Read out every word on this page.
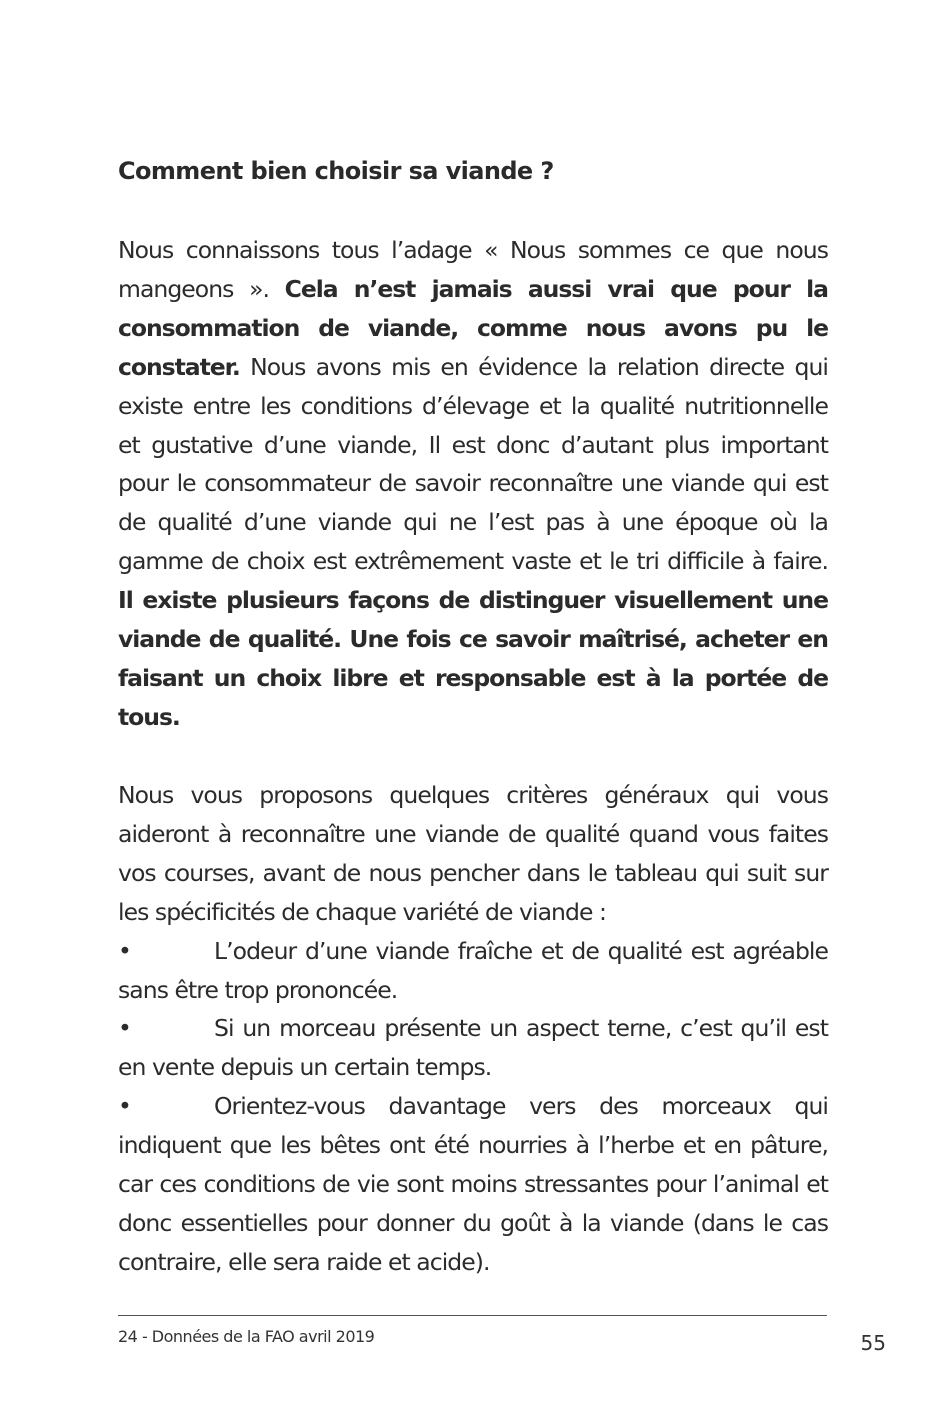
Comment bien choisir sa viande ?

Nous connaissons tous l’adage « Nous sommes ce que nous mangeons ». Cela n’est jamais aussi vrai que pour la consommation de viande, comme nous avons pu le constater. Nous avons mis en évidence la relation directe qui existe entre les conditions d’élevage et la qualité nutritionnelle et gustative d’une viande, Il est donc d’autant plus important pour le consommateur de savoir reconnaître une viande qui est de qualité d’une viande qui ne l’est pas à une époque où la gamme de choix est extrêmement vaste et le tri difficile à faire. Il existe plusieurs façons de distinguer visuellement une viande de qualité. Une fois ce savoir maîtrisé, acheter en faisant un choix libre et responsable est à la portée de tous.

Nous vous proposons quelques critères généraux qui vous aideront à reconnaître une viande de qualité quand vous faites vos courses, avant de nous pencher dans le tableau qui suit sur les spécificités de chaque variété de viande :
•	L’odeur d’une viande fraîche et de qualité est agréable sans être trop prononcée.
•	Si un morceau présente un aspect terne, c’est qu’il est en vente depuis un certain temps.
•	Orientez-vous davantage vers des morceaux qui indiquent que les bêtes ont été nourries à l’herbe et en pâture, car ces conditions de vie sont moins stressantes pour l’animal et donc essentielles pour donner du goût à la viande (dans le cas contraire, elle sera raide et acide).
24 - Données de la FAO avril 2019	55
